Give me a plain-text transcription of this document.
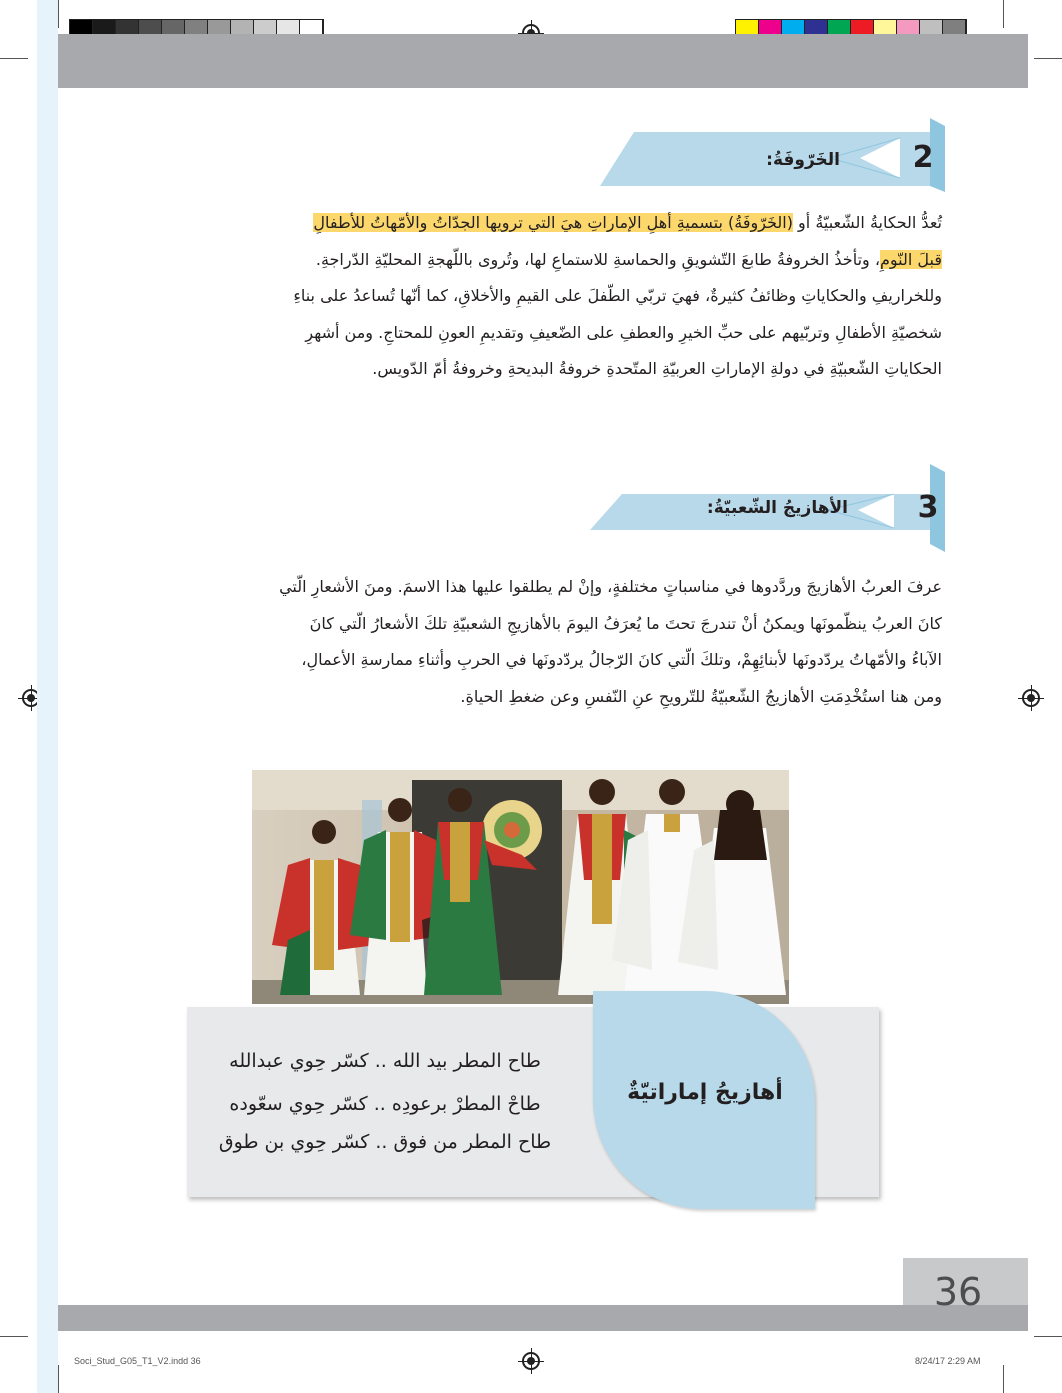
الخَرّوفَةُ: 2
تُعدُّ الحكايةُ الشّعبيّةُ أو (الخَرّوفَةُ) بتسميةِ أهلِ الإماراتِ هيَ التي ترويها الجدّاتُ والأمّهاتُ للأطفالِ
قبلَ النّومِ، وتأخذُ الخروفةُ طابعَ التّشويقِ والحماسةِ للاستماعِ لها، وتُروى باللّهجةِ المحليّةِ الدّراجةِ.
وللخراريفِ والحكاياتِ وظائفُ كثيرةٌ، فهيَ تربّي الطّفلَ على القيمِ والأخلاقِ، كما أنّها تُساعدُ على بناءِ
شخصيّةِ الأطفالِ وتربّيهم على حبِّ الخيرِ والعطفِ على الضّعيفِ وتقديمِ العونِ للمحتاجِ. ومن أشهرِ
الحكاياتِ الشّعبيّةِ في دولةِ الإماراتِ العربيّةِ المتّحدةِ خروفةُ البديحةِ وخروفةُ أمّ الدّويس.
الأهازيجُ الشّعبيّةُ: 3
عرفَ العربُ الأهازيجَ وردَّدوها في مناسباتٍ مختلفةٍ، وإنْ لم يطلقوا عليها هذا الاسمَ. ومنَ الأشعارِ الّتي
كانَ العربُ ينظّمونَها ويمكنُ أنْ تندرجَ تحتَ ما يُعرَفُ اليومَ بالأهازيجِ الشعبيّةِ تلكَ الأشعارُ الّتي كانَ
الآباءُ والأمّهاتُ يردّدونَها لأبنائِهِمْ، وتلكَ الّتي كانَ الرّجالُ يردّدونَها في الحربِ وأثناءِ ممارسةِ الأعمالِ،
ومن هنا استُخْدِمَتِ الأهازيجُ الشّعبيّةُ للتّرويحِ عنِ النّفسِ وعن ضغطِ الحياةِ.
طاح المطر بيد الله .. كسّر حِوي عبدالله
طاحْ المطرْ برعودِه .. كسّر حِوي سعّوده
طاح المطر من فوق .. كسّر حِوي بن طوق
أهازيجُ إماراتيّةٌ
36
Soci_Stud_G05_T1_V2.indd 36	8/24/17 2:29 AM
